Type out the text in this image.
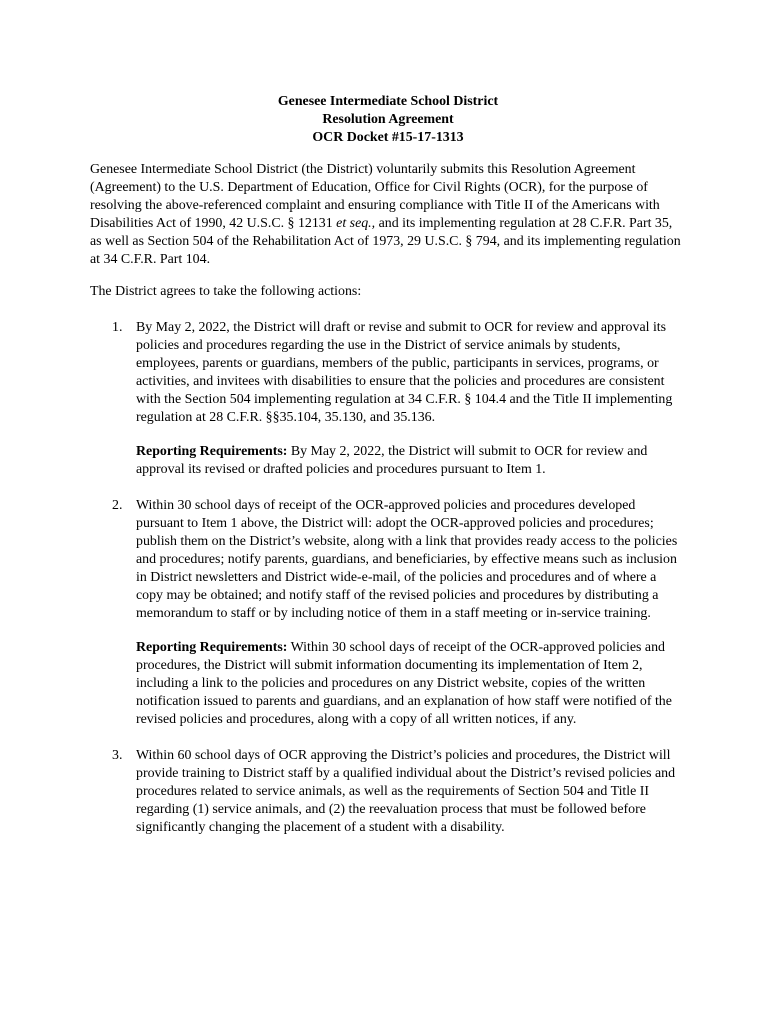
Genesee Intermediate School District
Resolution Agreement
OCR Docket #15-17-1313

Genesee Intermediate School District (the District) voluntarily submits this Resolution Agreement (Agreement) to the U.S. Department of Education, Office for Civil Rights (OCR), for the purpose of resolving the above-referenced complaint and ensuring compliance with Title II of the Americans with Disabilities Act of 1990, 42 U.S.C. § 12131 et seq., and its implementing regulation at 28 C.F.R. Part 35, as well as Section 504 of the Rehabilitation Act of 1973, 29 U.S.C. § 794, and its implementing regulation at 34 C.F.R. Part 104.

The District agrees to take the following actions:

1. By May 2, 2022, the District will draft or revise and submit to OCR for review and approval its policies and procedures regarding the use in the District of service animals by students, employees, parents or guardians, members of the public, participants in services, programs, or activities, and invitees with disabilities to ensure that the policies and procedures are consistent with the Section 504 implementing regulation at 34 C.F.R. § 104.4 and the Title II implementing regulation at 28 C.F.R. §§35.104, 35.130, and 35.136.

Reporting Requirements: By May 2, 2022, the District will submit to OCR for review and approval its revised or drafted policies and procedures pursuant to Item 1.

2. Within 30 school days of receipt of the OCR-approved policies and procedures developed pursuant to Item 1 above, the District will: adopt the OCR-approved policies and procedures; publish them on the District’s website, along with a link that provides ready access to the policies and procedures; notify parents, guardians, and beneficiaries, by effective means such as inclusion in District newsletters and District wide-e-mail, of the policies and procedures and of where a copy may be obtained; and notify staff of the revised policies and procedures by distributing a memorandum to staff or by including notice of them in a staff meeting or in-service training.

Reporting Requirements: Within 30 school days of receipt of the OCR-approved policies and procedures, the District will submit information documenting its implementation of Item 2, including a link to the policies and procedures on any District website, copies of the written notification issued to parents and guardians, and an explanation of how staff were notified of the revised policies and procedures, along with a copy of all written notices, if any.

3. Within 60 school days of OCR approving the District’s policies and procedures, the District will provide training to District staff by a qualified individual about the District’s revised policies and procedures related to service animals, as well as the requirements of Section 504 and Title II regarding (1) service animals, and (2) the reevaluation process that must be followed before significantly changing the placement of a student with a disability.
